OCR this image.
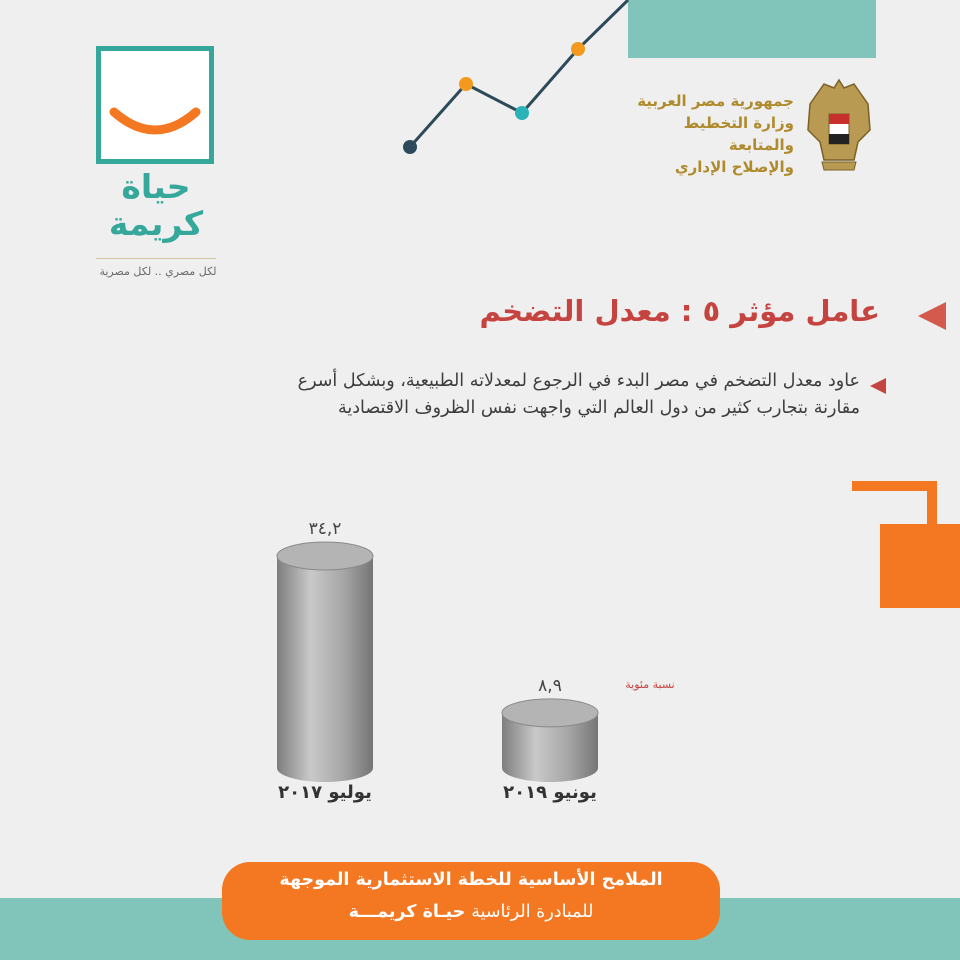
حياة
كريمة
لكل مصري .. لكل مصرية
جمهورية مصر العربية
وزارة التخطيط والمتابعة
والإصلاح الإداري
عامل مؤثر ٥ : معدل التضخم
عاود معدل التضخم في مصر البدء في الرجوع لمعدلاته الطبيعية، وبشكل أسرع
مقارنة بتجارب كثير من دول العالم التي واجهت نفس الظروف الاقتصادية
٣٤,٢
يوليو ٢٠١٧
٨,٩
يونيو ٢٠١٩
نسبة مئوية
الملامح الأساسية للخطة الاستثمارية الموجهة
للمبادرة الرئاسيةحيـاة كريمـــة
